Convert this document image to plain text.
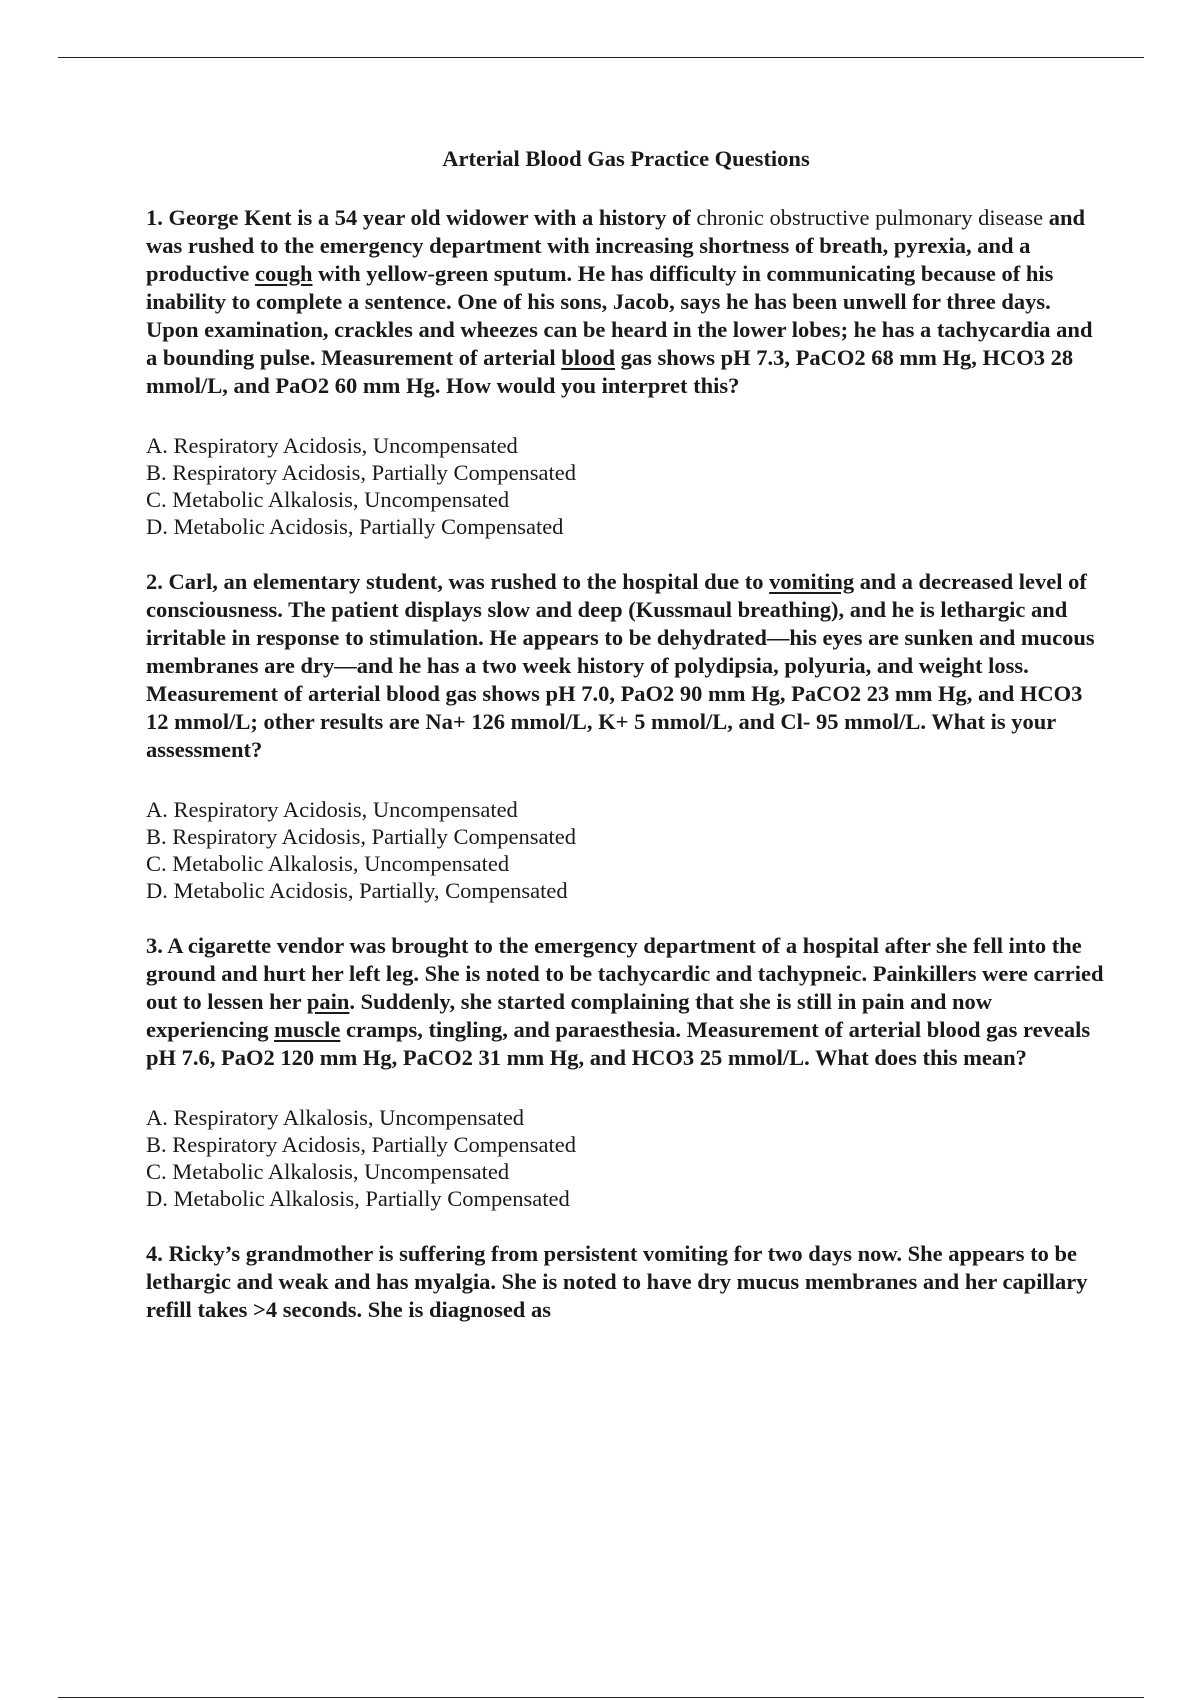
Arterial Blood Gas Practice Questions

1. George Kent is a 54 year old widower with a history of chronic obstructive pulmonary disease and was rushed to the emergency department with increasing shortness of breath, pyrexia, and a productive cough with yellow-green sputum. He has difficulty in communicating because of his inability to complete a sentence. One of his sons, Jacob, says he has been unwell for three days. Upon examination, crackles and wheezes can be heard in the lower lobes; he has a tachycardia and a bounding pulse. Measurement of arterial blood gas shows pH 7.3, PaCO2 68 mm Hg, HCO3 28 mmol/L, and PaO2 60 mm Hg. How would you interpret this?

A. Respiratory Acidosis, Uncompensated
B. Respiratory Acidosis, Partially Compensated
C. Metabolic Alkalosis, Uncompensated
D. Metabolic Acidosis, Partially Compensated

2. Carl, an elementary student, was rushed to the hospital due to vomiting and a decreased level of consciousness. The patient displays slow and deep (Kussmaul breathing), and he is lethargic and irritable in response to stimulation. He appears to be dehydrated—his eyes are sunken and mucous membranes are dry—and he has a two week history of polydipsia, polyuria, and weight loss. Measurement of arterial blood gas shows pH 7.0, PaO2 90 mm Hg, PaCO2 23 mm Hg, and HCO3 12 mmol/L; other results are Na+ 126 mmol/L, K+ 5 mmol/L, and Cl- 95 mmol/L. What is your assessment?

A. Respiratory Acidosis, Uncompensated
B. Respiratory Acidosis, Partially Compensated
C. Metabolic Alkalosis, Uncompensated
D. Metabolic Acidosis, Partially, Compensated

3. A cigarette vendor was brought to the emergency department of a hospital after she fell into the ground and hurt her left leg. She is noted to be tachycardic and tachypneic. Painkillers were carried out to lessen her pain. Suddenly, she started complaining that she is still in pain and now experiencing muscle cramps, tingling, and paraesthesia. Measurement of arterial blood gas reveals pH 7.6, PaO2 120 mm Hg, PaCO2 31 mm Hg, and HCO3 25 mmol/L. What does this mean?

A. Respiratory Alkalosis, Uncompensated
B. Respiratory Acidosis, Partially Compensated
C. Metabolic Alkalosis, Uncompensated
D. Metabolic Alkalosis, Partially Compensated

4. Ricky’s grandmother is suffering from persistent vomiting for two days now. She appears to be lethargic and weak and has myalgia. She is noted to have dry mucus membranes and her capillary refill takes >4 seconds. She is diagnosed as
